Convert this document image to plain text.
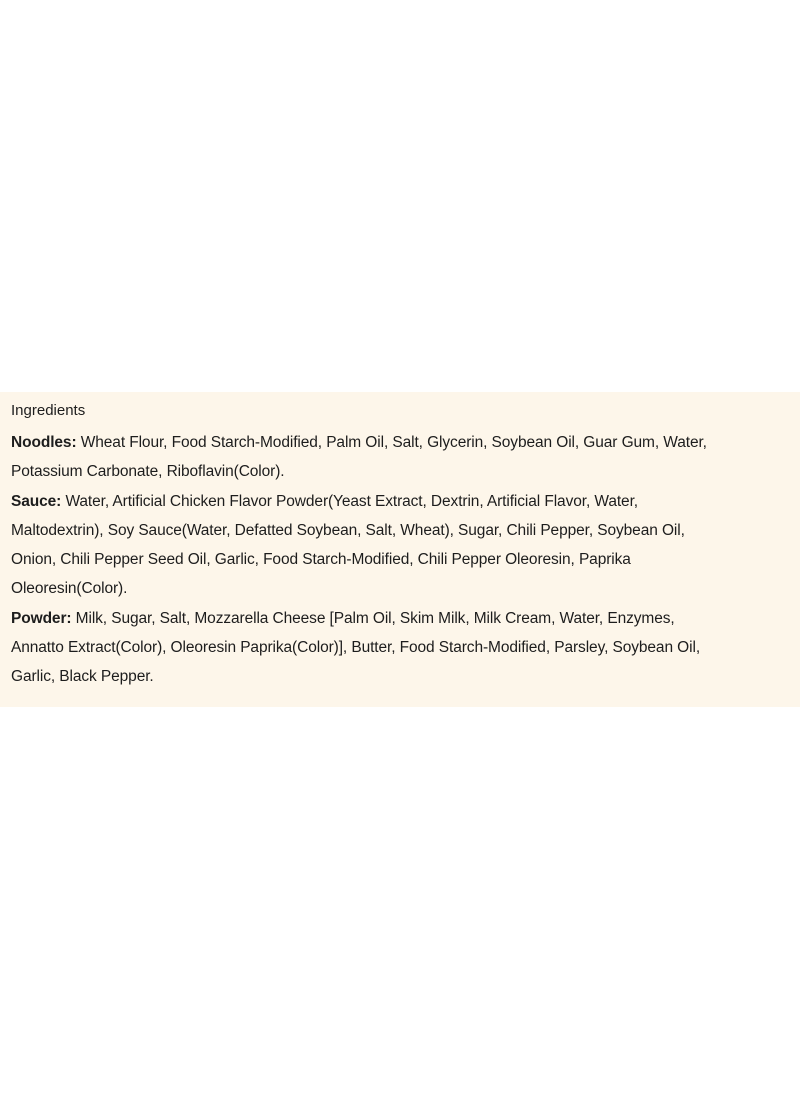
Ingredients
Noodles: Wheat Flour, Food Starch-Modified, Palm Oil, Salt, Glycerin, Soybean Oil, Guar Gum, Water,
Potassium Carbonate, Riboflavin(Color).
Sauce: Water, Artificial Chicken Flavor Powder(Yeast Extract, Dextrin, Artificial Flavor, Water,
Maltodextrin), Soy Sauce(Water, Defatted Soybean, Salt, Wheat), Sugar, Chili Pepper, Soybean Oil,
Onion, Chili Pepper Seed Oil, Garlic, Food Starch-Modified, Chili Pepper Oleoresin, Paprika
Oleoresin(Color).
Powder: Milk, Sugar, Salt, Mozzarella Cheese [Palm Oil, Skim Milk, Milk Cream, Water, Enzymes,
Annatto Extract(Color), Oleoresin Paprika(Color)], Butter, Food Starch-Modified, Parsley, Soybean Oil,
Garlic, Black Pepper.
